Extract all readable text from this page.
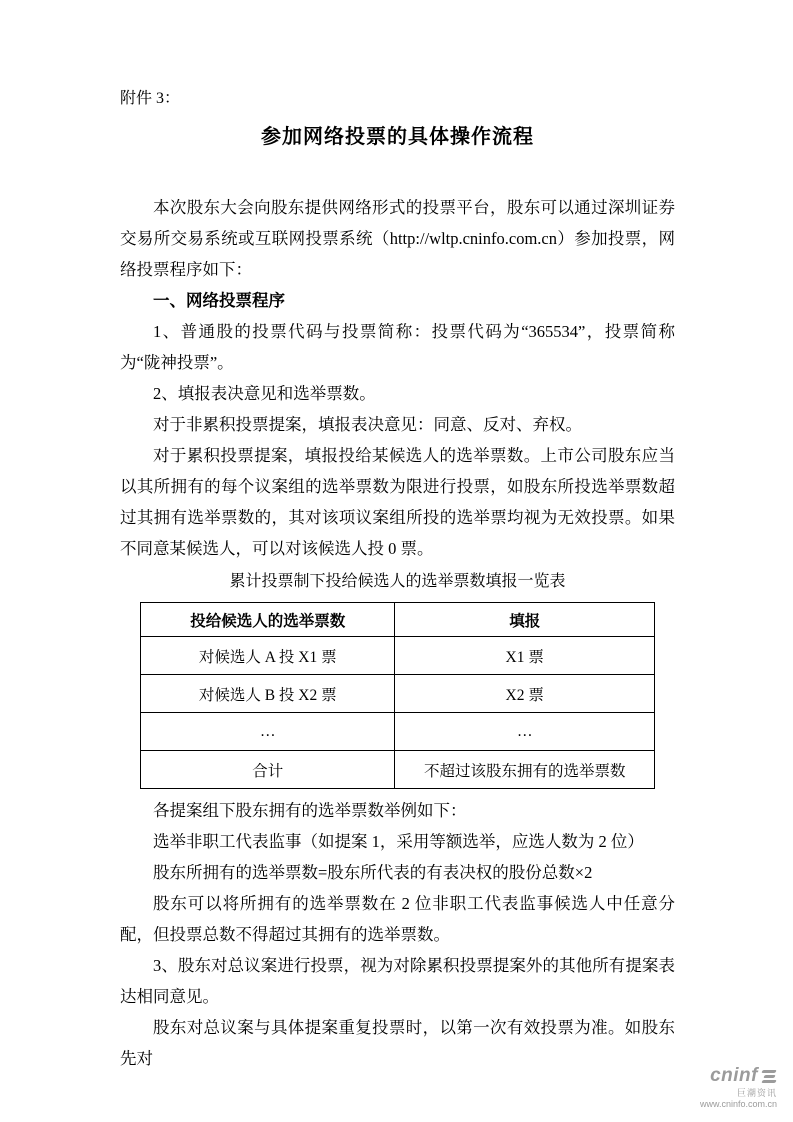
附件 3：

参加网络投票的具体操作流程

本次股东大会向股东提供网络形式的投票平台，股东可以通过深圳证券交易所交易系统或互联网投票系统（http://wltp.cninfo.com.cn）参加投票，网络投票程序如下：

一、网络投票程序

1、普通股的投票代码与投票简称：投票代码为“365534”，投票简称为“陇神投票”。

2、填报表决意见和选举票数。

对于非累积投票提案，填报表决意见：同意、反对、弃权。

对于累积投票提案，填报投给某候选人的选举票数。上市公司股东应当以其所拥有的每个议案组的选举票数为限进行投票，如股东所投选举票数超过其拥有选举票数的，其对该项议案组所投的选举票均视为无效投票。如果不同意某候选人，可以对该候选人投 0 票。

累计投票制下投给候选人的选举票数填报一览表

投给候选人的选举票数	填报
对候选人 A 投 X1 票	X1 票
对候选人 B 投 X2 票	X2 票
…	…
合计	不超过该股东拥有的选举票数

各提案组下股东拥有的选举票数举例如下：

选举非职工代表监事（如提案 1，采用等额选举，应选人数为 2 位）

股东所拥有的选举票数=股东所代表的有表决权的股份总数×2

股东可以将所拥有的选举票数在 2 位非职工代表监事候选人中任意分配，但投票总数不得超过其拥有的选举票数。

3、股东对总议案进行投票，视为对除累积投票提案外的其他所有提案表达相同意见。

股东对总议案与具体提案重复投票时，以第一次有效投票为准。如股东先对

cninf
巨潮资讯
www.cninfo.com.cn
